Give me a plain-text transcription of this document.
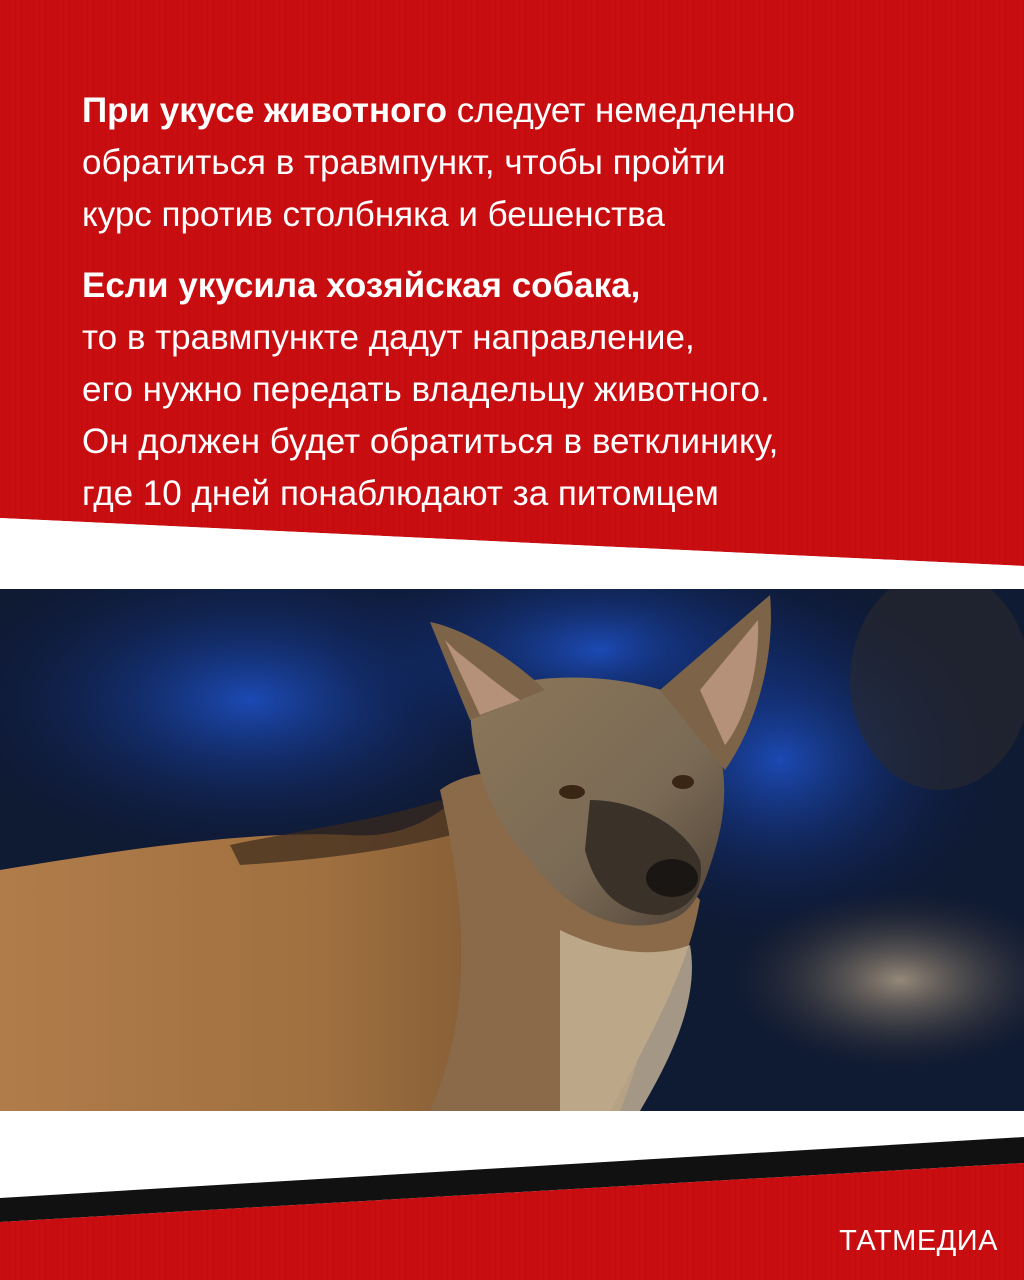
При укусе животного следует немедленно
обратиться в травмпункт, чтобы пройти
курс против столбняка и бешенства
Если укусила хозяйская собака,
то в травмпункте дадут направление,
его нужно передать владельцу животного.
Он должен будет обратиться в ветклинику,
где 10 дней понаблюдают за питомцем
ТАТМЕДИА
